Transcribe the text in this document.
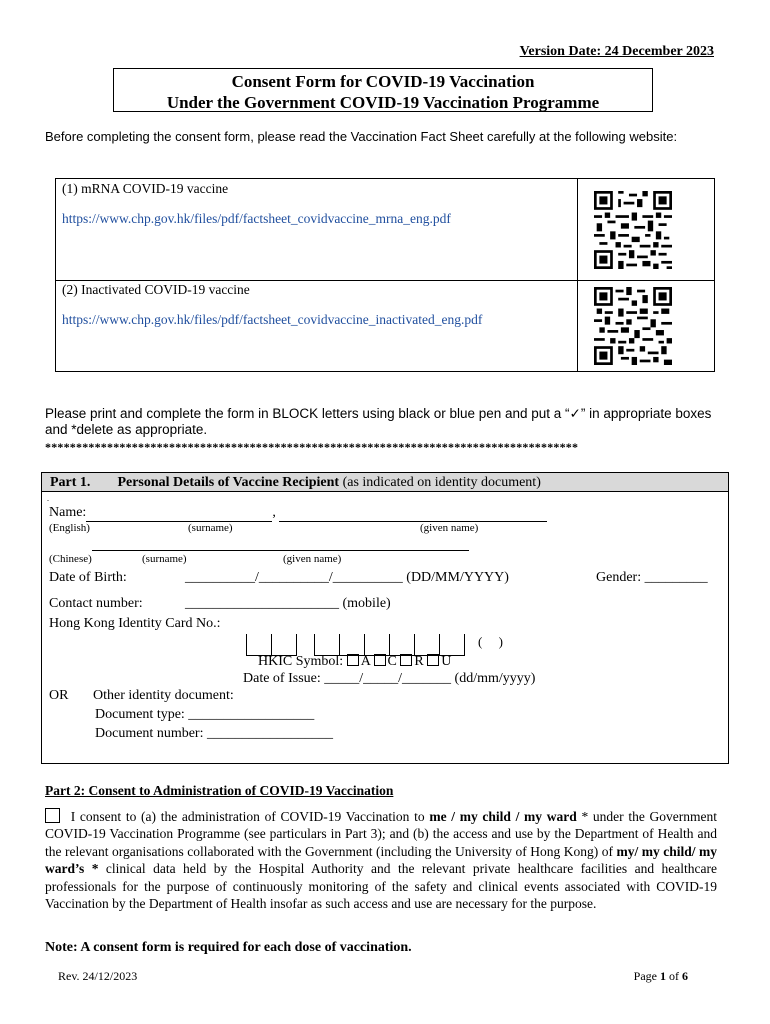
Version Date: 24 December 2023
Consent Form for COVID-19 Vaccination
Under the Government COVID-19 Vaccination Programme
Before completing the consent form, please read the Vaccination Fact Sheet carefully at the following website:
(1) mRNA COVID-19 vaccine
https://www.chp.gov.hk/files/pdf/factsheet_covidvaccine_mrna_eng.pdf
(2) Inactivated COVID-19 vaccine
https://www.chp.gov.hk/files/pdf/factsheet_covidvaccine_inactivated_eng.pdf
Please print and complete the form in BLOCK letters using black or blue pen and put a “✓” in appropriate boxes and *delete as appropriate.
**************************************************************************************
Part 1. Personal Details of Vaccine Recipient (as indicated on identity document)
.
Name:	,
(English)	(surname)	(given name)

(Chinese)	(surname)	(given name)
Date of Birth:	__________/__________/__________ (DD/MM/YYYY)	Gender: _________
Contact number:	______________________ (mobile)
Hong Kong Identity Card No.:
(     )
HKIC Symbol: A C R U
Date of Issue: _____/_____/_______ (dd/mm/yyyy)
OR Other identity document:
Document type: __________________
Document number: __________________
Part 2: Consent to Administration of COVID-19 Vaccination
I consent to (a) the administration of COVID-19 Vaccination to me / my child / my ward * under the Government COVID-19 Vaccination Programme (see particulars in Part 3); and (b) the access and use by the Department of Health and the relevant organisations collaborated with the Government (including the University of Hong Kong) of my/ my child/ my ward’s * clinical data held by the Hospital Authority and the relevant private healthcare facilities and healthcare professionals for the purpose of continuously monitoring of the safety and clinical events associated with COVID-19 Vaccination by the Department of Health insofar as such access and use are necessary for the purpose.
Note: A consent form is required for each dose of vaccination.
Rev. 24/12/2023	Page 1 of 6
